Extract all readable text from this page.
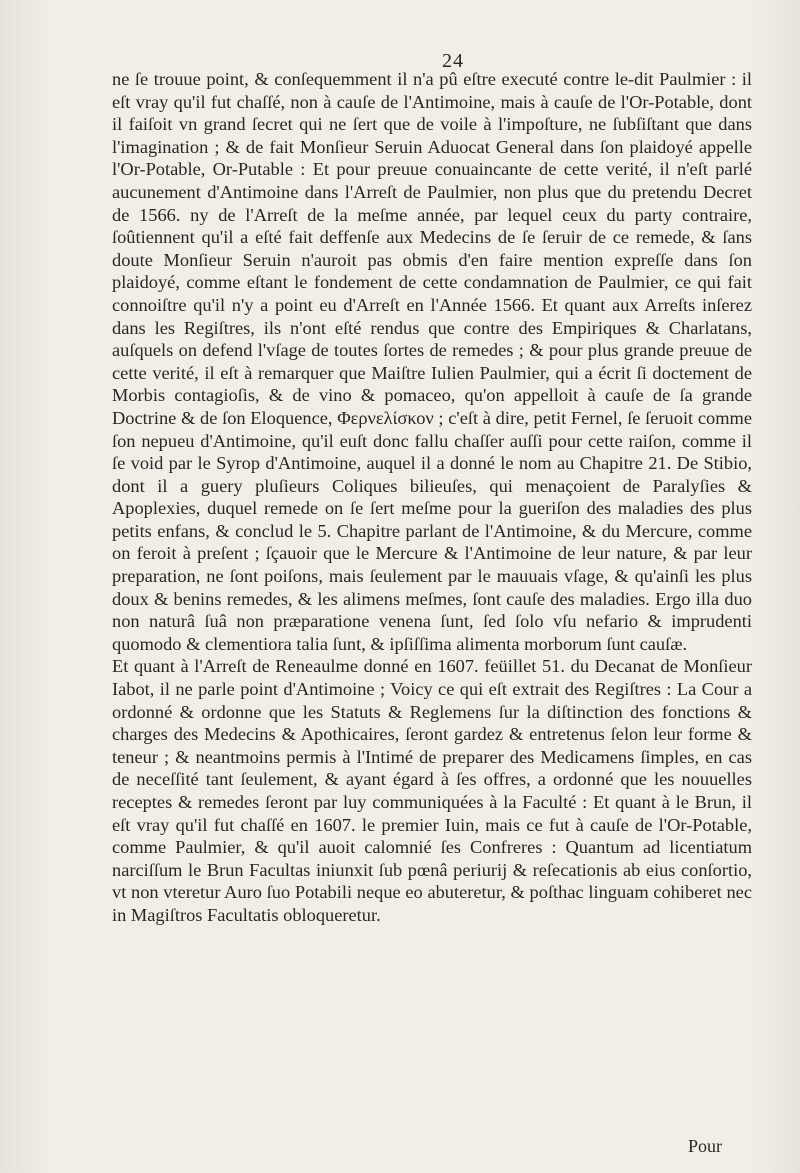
24

ne ſe trouue point, & conſequemment il n'a pû eſtre executé contre le-dit Paulmier : il eſt vray qu'il fut chaſſé, non à cauſe de l'Antimoine, mais à cauſe de l'Or-Potable, dont il faiſoit vn grand ſecret qui ne ſert que de voile à l'impoſture, ne ſubſiſtant que dans l'imagination ; & de fait Monſieur Seruin Aduocat General dans ſon plaidoyé appelle l'Or-Potable, Or-Putable : Et pour preuue conuaincante de cette verité, il n'eſt parlé aucunement d'Antimoine dans l'Arreſt de Paulmier, non plus que du pretendu Decret de 1566. ny de l'Arreſt de la meſme année, par lequel ceux du party contraire, ſoûtiennent qu'il a eſté fait deffenſe aux Medecins de ſe ſeruir de ce remede, & ſans doute Monſieur Seruin n'auroit pas obmis d'en faire mention expreſſe dans ſon plaidoyé, comme eſtant le fondement de cette condamnation de Paulmier, ce qui fait connoiſtre qu'il n'y a point eu d'Arreſt en l'Année 1566. Et quant aux Arreſts inſerez dans les Regiſtres, ils n'ont eſté rendus que contre des Empiriques & Charlatans, auſquels on defend l'vſage de toutes ſortes de remedes ; & pour plus grande preuue de cette verité, il eſt à remarquer que Maiſtre Iulien Paulmier, qui a écrit ſi doctement de Morbis contagioſis, & de vino & pomaceo, qu'on appelloit à cauſe de ſa grande Doctrine & de ſon Eloquence, Φερνελίσκον ; c'eſt à dire, petit Fernel, ſe ſeruoit comme ſon nepueu d'Antimoine, qu'il euſt donc fallu chaſſer auſſi pour cette raiſon, comme il ſe void par le Syrop d'Antimoine, auquel il a donné le nom au Chapitre 21. De Stibio, dont il a guery pluſieurs Coliques bilieuſes, qui menaçoient de Paralyſies & Apoplexies, duquel remede on ſe ſert meſme pour la gueriſon des maladies des plus petits enfans, & conclud le 5. Chapitre parlant de l'Antimoine, & du Mercure, comme on feroit à preſent ; ſçauoir que le Mercure & l'Antimoine de leur nature, & par leur preparation, ne ſont poiſons, mais ſeulement par le mauuais vſage, & qu'ainſi les plus doux & benins remedes, & les alimens meſmes, ſont cauſe des maladies. Ergo illa duo non naturâ ſuâ non præparatione venena ſunt, ſed ſolo vſu nefario & imprudenti quomodo & clementiora talia ſunt, & ipſiſſima alimenta morborum ſunt cauſæ.

Et quant à l'Arreſt de Reneaulme donné en 1607. feüillet 51. du Decanat de Monſieur Iabot, il ne parle point d'Antimoine ; Voicy ce qui eſt extrait des Regiſtres : La Cour a ordonné & ordonne que les Statuts & Reglemens ſur la diſtinction des fonctions & charges des Medecins & Apothicaires, ſeront gardez & entretenus ſelon leur forme & teneur ; & neantmoins permis à l'Intimé de preparer des Medicamens ſimples, en cas de neceſſité tant ſeulement, & ayant égard à ſes offres, a ordonné que les nouuelles receptes & remedes ſeront par luy communiquées à la Faculté : Et quant à le Brun, il eſt vray qu'il fut chaſſé en 1607. le premier Iuin, mais ce fut à cauſe de l'Or-Potable, comme Paulmier, & qu'il auoit calomnié ſes Confreres : Quantum ad licentiatum narciſſum le Brun Facultas iniunxit ſub pœnâ periurij & reſecationis ab eius conſortio, vt non vteretur Auro ſuo Potabili neque eo abuteretur, & poſthac linguam cohiberet nec in Magiſtros Facultatis obloqueretur.

Pour
